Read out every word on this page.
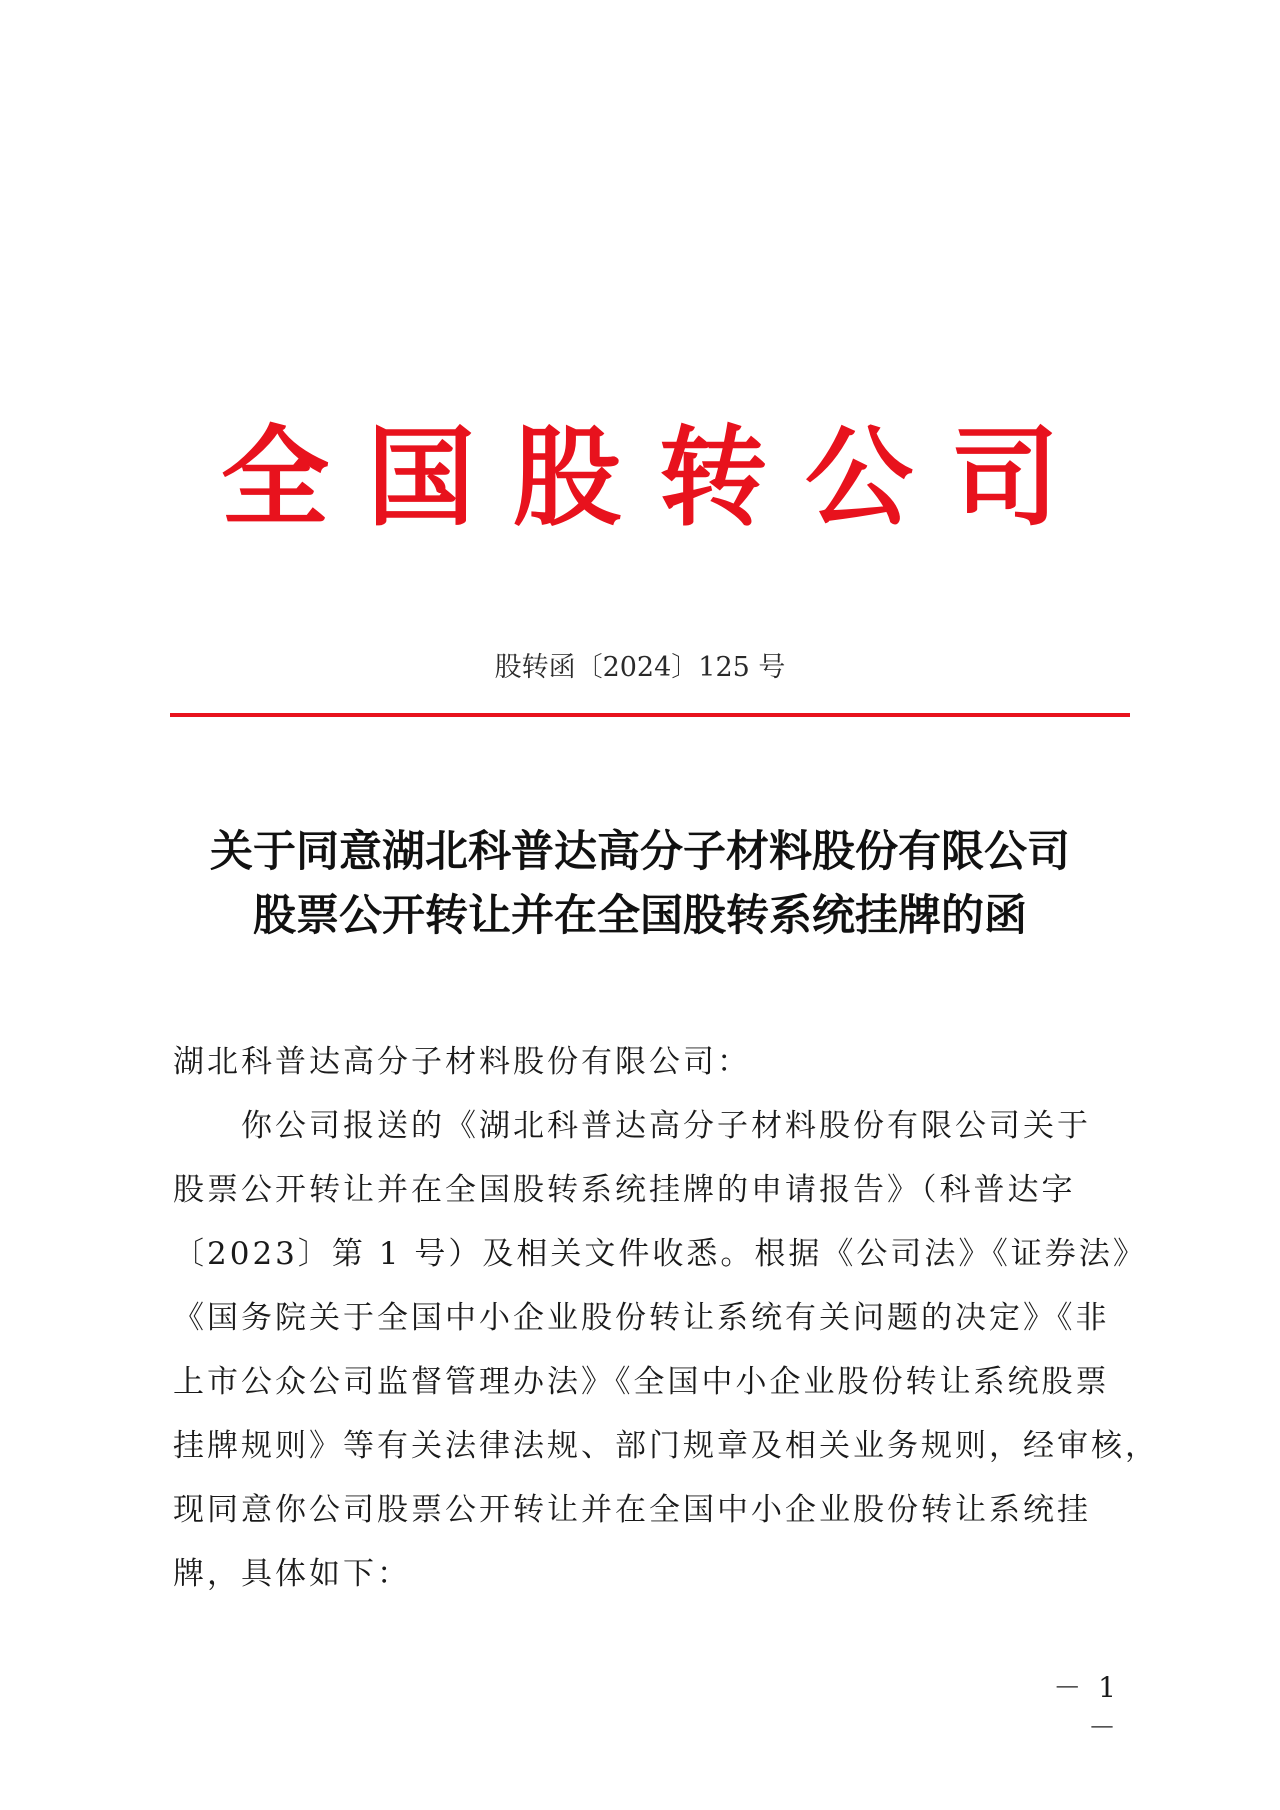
全国股转公司
股转函〔2024〕125 号
关于同意湖北科普达高分子材料股份有限公司
股票公开转让并在全国股转系统挂牌的函
湖北科普达高分子材料股份有限公司：
你公司报送的《湖北科普达高分子材料股份有限公司关于
股票公开转让并在全国股转系统挂牌的申请报告》（科普达字
〔2023〕第 1 号）及相关文件收悉。根据《公司法》《证券法》
《国务院关于全国中小企业股份转让系统有关问题的决定》《非
上市公众公司监督管理办法》《全国中小企业股份转让系统股票
挂牌规则》等有关法律法规、部门规章及相关业务规则，经审核，
现同意你公司股票公开转让并在全国中小企业股份转让系统挂
牌，具体如下：
－ 1 －
